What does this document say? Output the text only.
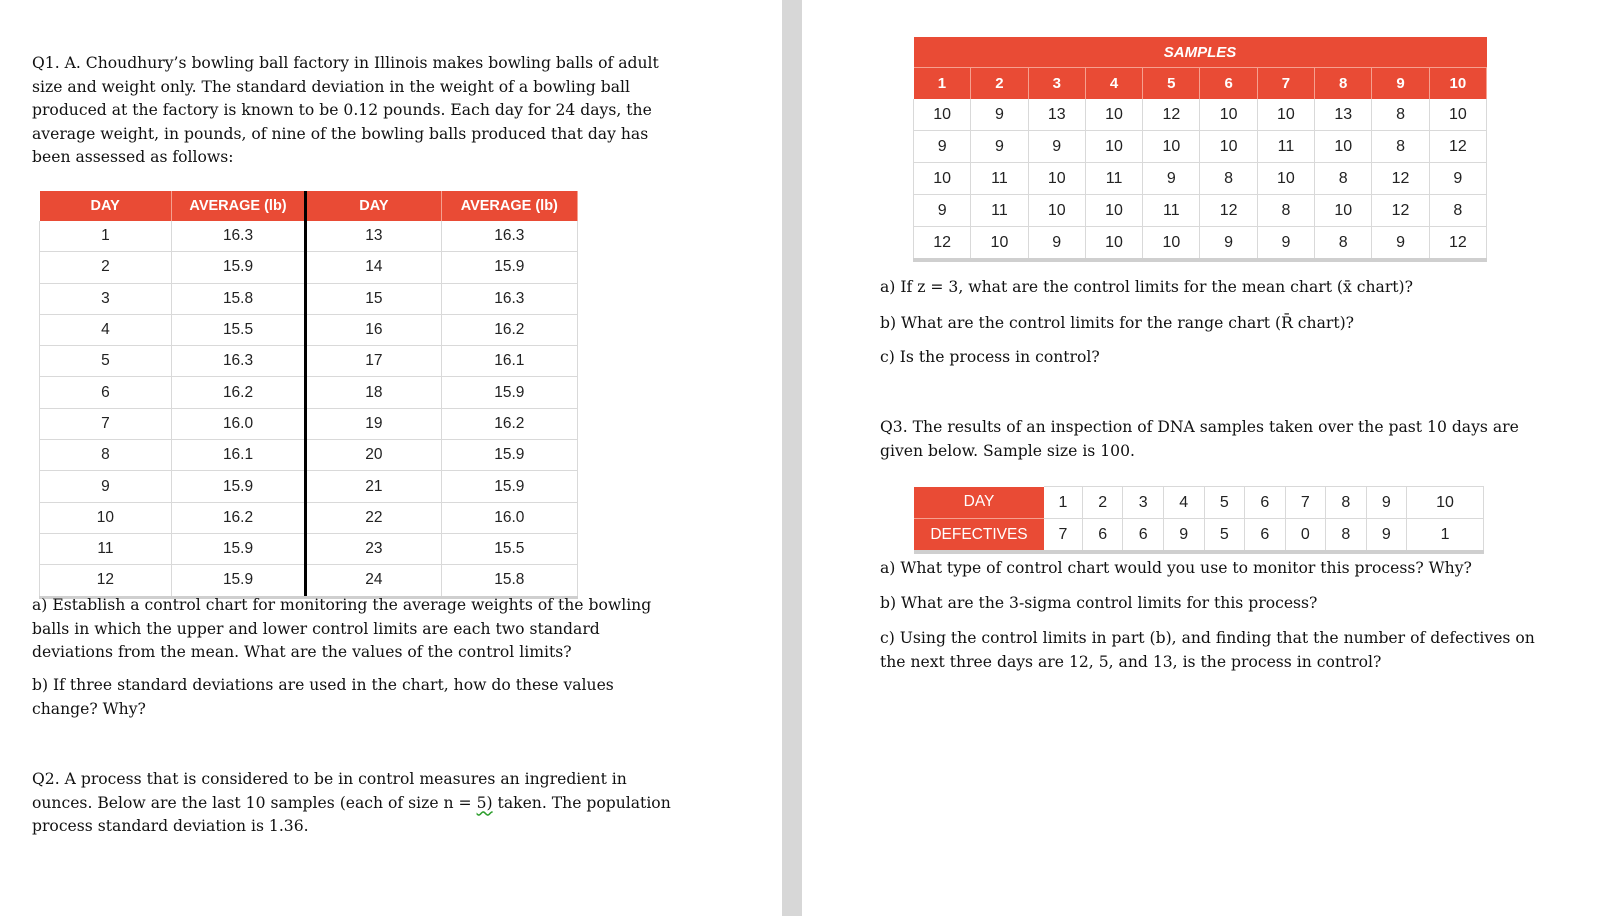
Q1. A. Choudhury’s bowling ball factory in Illinois makes bowling balls of adult size and weight only. The standard deviation in the weight of a bowling ball produced at the factory is known to be 0.12 pounds. Each day for 24 days, the average weight, in pounds, of nine of the bowling balls produced that day has been assessed as follows:

DAY	AVERAGE (lb)	DAY	AVERAGE (lb)
1	16.3	13	16.3
2	15.9	14	15.9
3	15.8	15	16.3
4	15.5	16	16.2
5	16.3	17	16.1
6	16.2	18	15.9
7	16.0	19	16.2
8	16.1	20	15.9
9	15.9	21	15.9
10	16.2	22	16.0
11	15.9	23	15.5
12	15.9	24	15.8

a) Establish a control chart for monitoring the average weights of the bowling balls in which the upper and lower control limits are each two standard deviations from the mean. What are the values of the control limits?

b) If three standard deviations are used in the chart, how do these values change? Why?

Q2. A process that is considered to be in control measures an ingredient in ounces. Below are the last 10 samples (each of size n = 5) taken. The population process standard deviation is 1.36.

SAMPLES									
1	2	3	4	5	6	7	8	9	10
10	9	13	10	12	10	10	13	8	10
9	9	9	10	10	10	11	10	8	12
10	11	10	11	9	8	10	8	12	9
9	11	10	10	11	12	8	10	12	8
12	10	9	10	10	9	9	8	9	12

a) If z = 3, what are the control limits for the mean chart (x̄ chart)?

b) What are the control limits for the range chart (R̄ chart)?

c) Is the process in control?

Q3. The results of an inspection of DNA samples taken over the past 10 days are given below. Sample size is 100.

DAY	1	2	3	4	5	6	7	8	9	10
DEFECTIVES	7	6	6	9	5	6	0	8	9	1

a) What type of control chart would you use to monitor this process? Why?

b) What are the 3-sigma control limits for this process?

c) Using the control limits in part (b), and finding that the number of defectives on the next three days are 12, 5, and 13, is the process in control?
